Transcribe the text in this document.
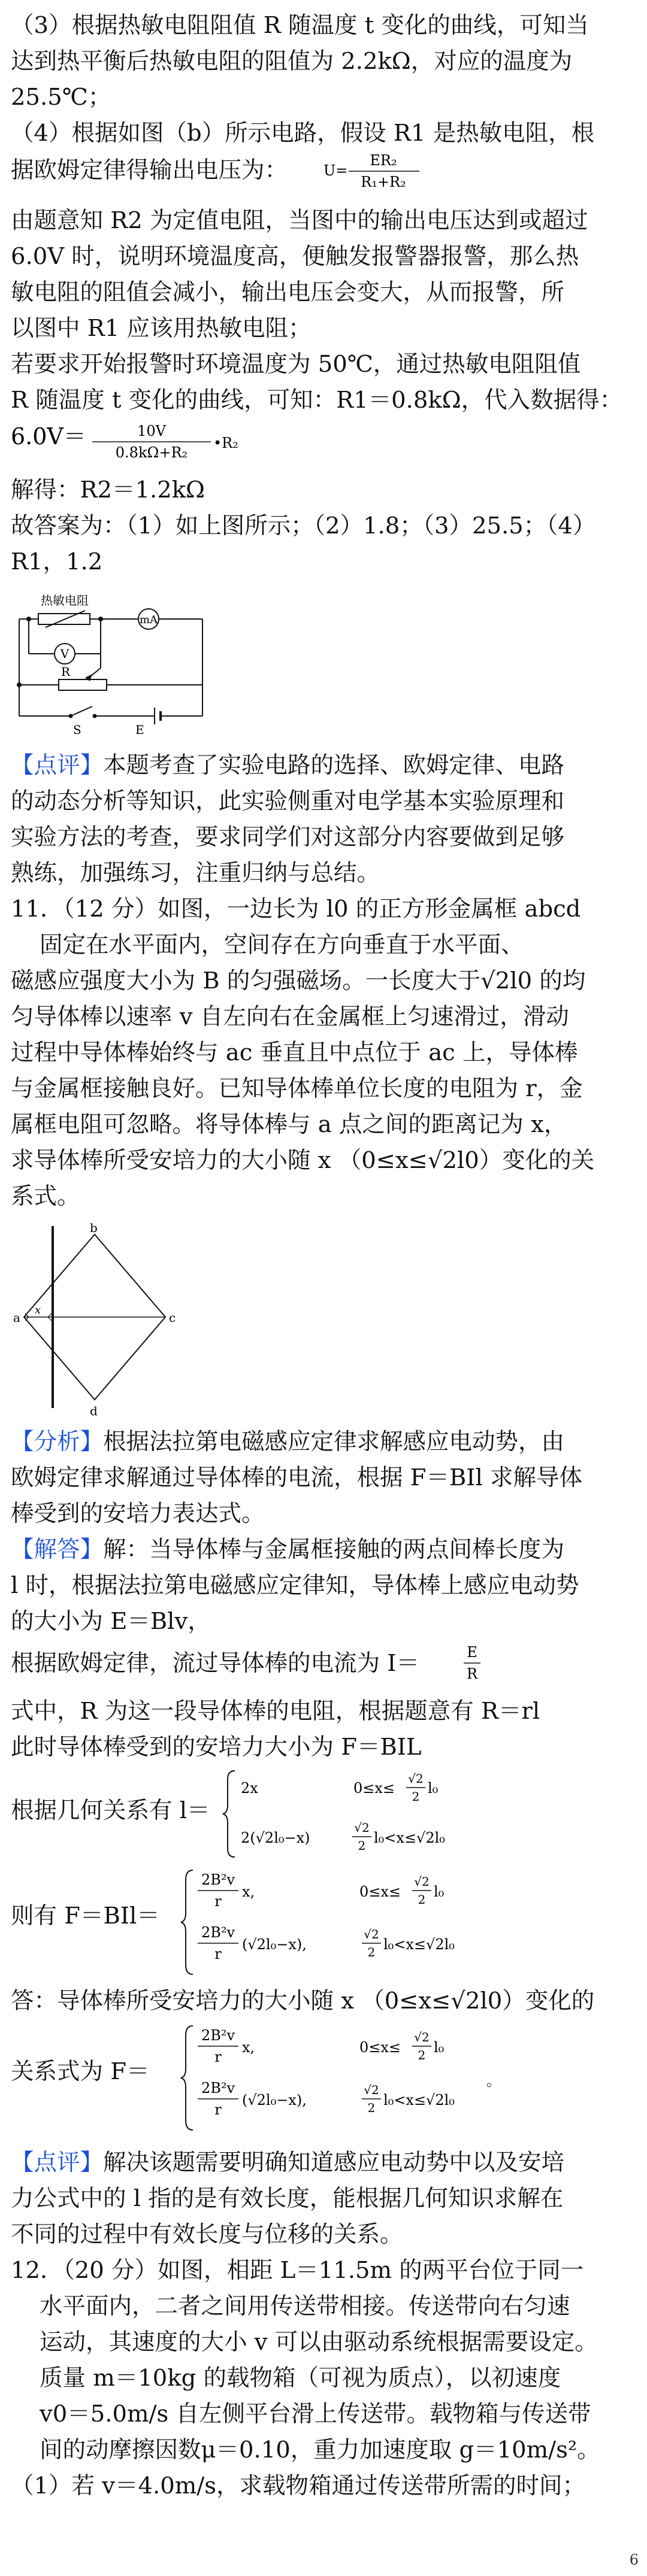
（3）根据热敏电阻阻值 R 随温度 t 变化的曲线，可知当

达到热平衡后热敏电阻的阻值为 2.2kΩ，对应的温度为

25.5℃；

（4）根据如图（b）所示电路，假设 R1 是热敏电阻，根

据欧姆定律得输出电压为：	U=
ER₂
R₁+R₂

由题意知 R2 为定值电阻，当图中的输出电压达到或超过

6.0V 时，说明环境温度高，便触发报警器报警，那么热

敏电阻的阻值会减小，输出电压会变大，从而报警，所

以图中 R1 应该用热敏电阻；

若要求开始报警时环境温度为 50℃，通过热敏电阻阻值

R 随温度 t 变化的曲线，可知：R1＝0.8kΩ，代入数据得：

6.0V＝	10V
0.8kΩ+R₂
•R₂

解得：R2＝1.2kΩ

故答案为：（1）如上图所示；（2）1.8；（3）25.5；（4）

R1，1.2

热敏电阻
mA
V
R
S	E

【点评】本题考查了实验电路的选择、欧姆定律、电路

的动态分析等知识，此实验侧重对电学基本实验原理和

实验方法的考查，要求同学们对这部分内容要做到足够

熟练，加强练习，注重归纳与总结。

11．（12 分）如图，一边长为 l0 的正方形金属框 abcd

固定在水平面内，空间存在方向垂直于水平面、

磁感应强度大小为 B 的匀强磁场。一长度大于√2l0 的均

匀导体棒以速率 v 自左向右在金属框上匀速滑过，滑动

过程中导体棒始终与 ac 垂直且中点位于 ac 上，导体棒

与金属框接触良好。已知导体棒单位长度的电阻为 r，金

属框电阻可忽略。将导体棒与 a 点之间的距离记为 x，

求导体棒所受安培力的大小随 x （0≤x≤√2l0）变化的关

系式。

a
b
c
d
x

【分析】根据法拉第电磁感应定律求解感应电动势，由

欧姆定律求解通过导体棒的电流，根据 F＝BIl 求解导体

棒受到的安培力表达式。

【解答】解：当导体棒与金属框接触的两点间棒长度为

l 时，根据法拉第电磁感应定律知，导体棒上感应电动势

的大小为 E＝Blv，

根据欧姆定律，流过导体棒的电流为 I＝	E
R

式中，R 为这一段导体棒的电阻，根据题意有 R＝rl

此时导体棒受到的安培力大小为 F＝BIL

根据几何关系有 l＝

2x	0≤x≤
√2
2 l₀
2(√2l₀−x)
√2
2 l₀<x≤√2l₀

则有 F＝BIl＝

2B²v
r
x,	0≤x≤
√2
2 l₀
2B²v
r
(√2l₀−x),
√2
2 l₀<x≤√2l₀

答：导体棒所受安培力的大小随 x （0≤x≤√2l0）变化的

关系式为 F＝

2B²v
r
x,	0≤x≤
√2
2 l₀
2B²v
r
(√2l₀−x),
√2
2 l₀<x≤√2l₀
。

【点评】解决该题需要明确知道感应电动势中以及安培

力公式中的 l 指的是有效长度，能根据几何知识求解在

不同的过程中有效长度与位移的关系。

12．（20 分）如图，相距 L＝11.5m 的两平台位于同一

水平面内，二者之间用传送带相接。传送带向右匀速

运动，其速度的大小 v 可以由驱动系统根据需要设定。

质量 m＝10kg 的载物箱（可视为质点），以初速度

v0＝5.0m/s 自左侧平台滑上传送带。载物箱与传送带

间的动摩擦因数μ＝0.10，重力加速度取 g＝10m/s²。

（1）若 v＝4.0m/s，求载物箱通过传送带所需的时间；

6
